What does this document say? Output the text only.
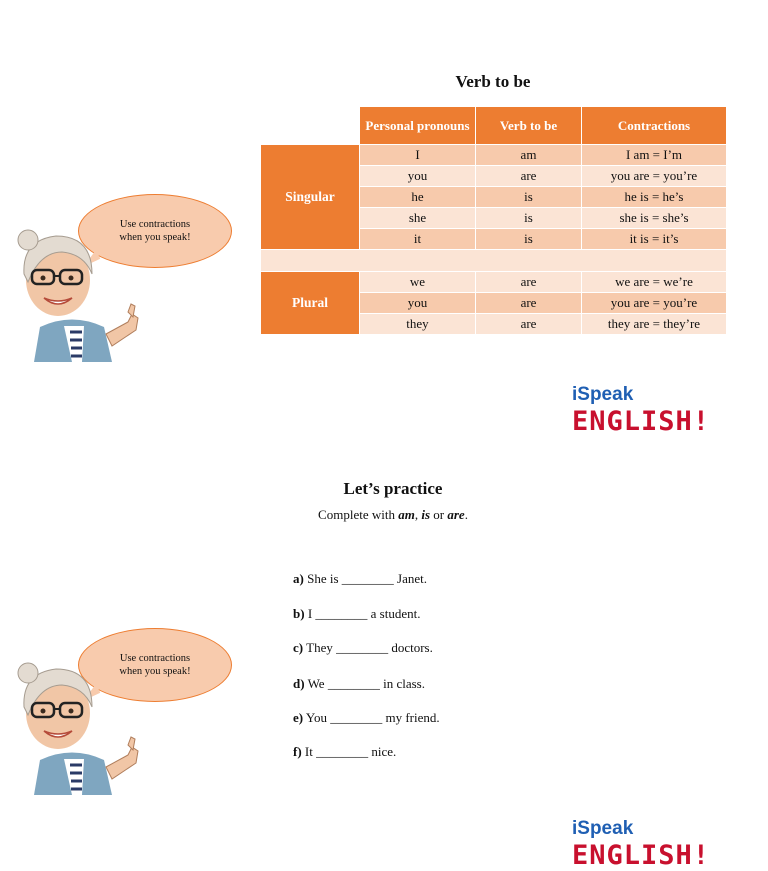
Verb to be
	Personal pronouns	Verb to be	Contractions
Singular	I	am	I am = I’m
	you	are	you are = you’re
	he	is	he is = he’s
	she	is	she is = she’s
	it	is	it is = it’s

Plural	we	are	we are = we’re
	you	are	you are = you’re
	they	are	they are = they’re
Use contractions when you speak!
iSpeak ENGLISH!
Let’s practice
Complete with am, is or are.
a) She is ________ Janet.
b) I ________ a student.
c) They ________ doctors.
d) We ________ in class.
e) You ________ my friend.
f) It ________ nice.
Use contractions when you speak!
iSpeak ENGLISH!
